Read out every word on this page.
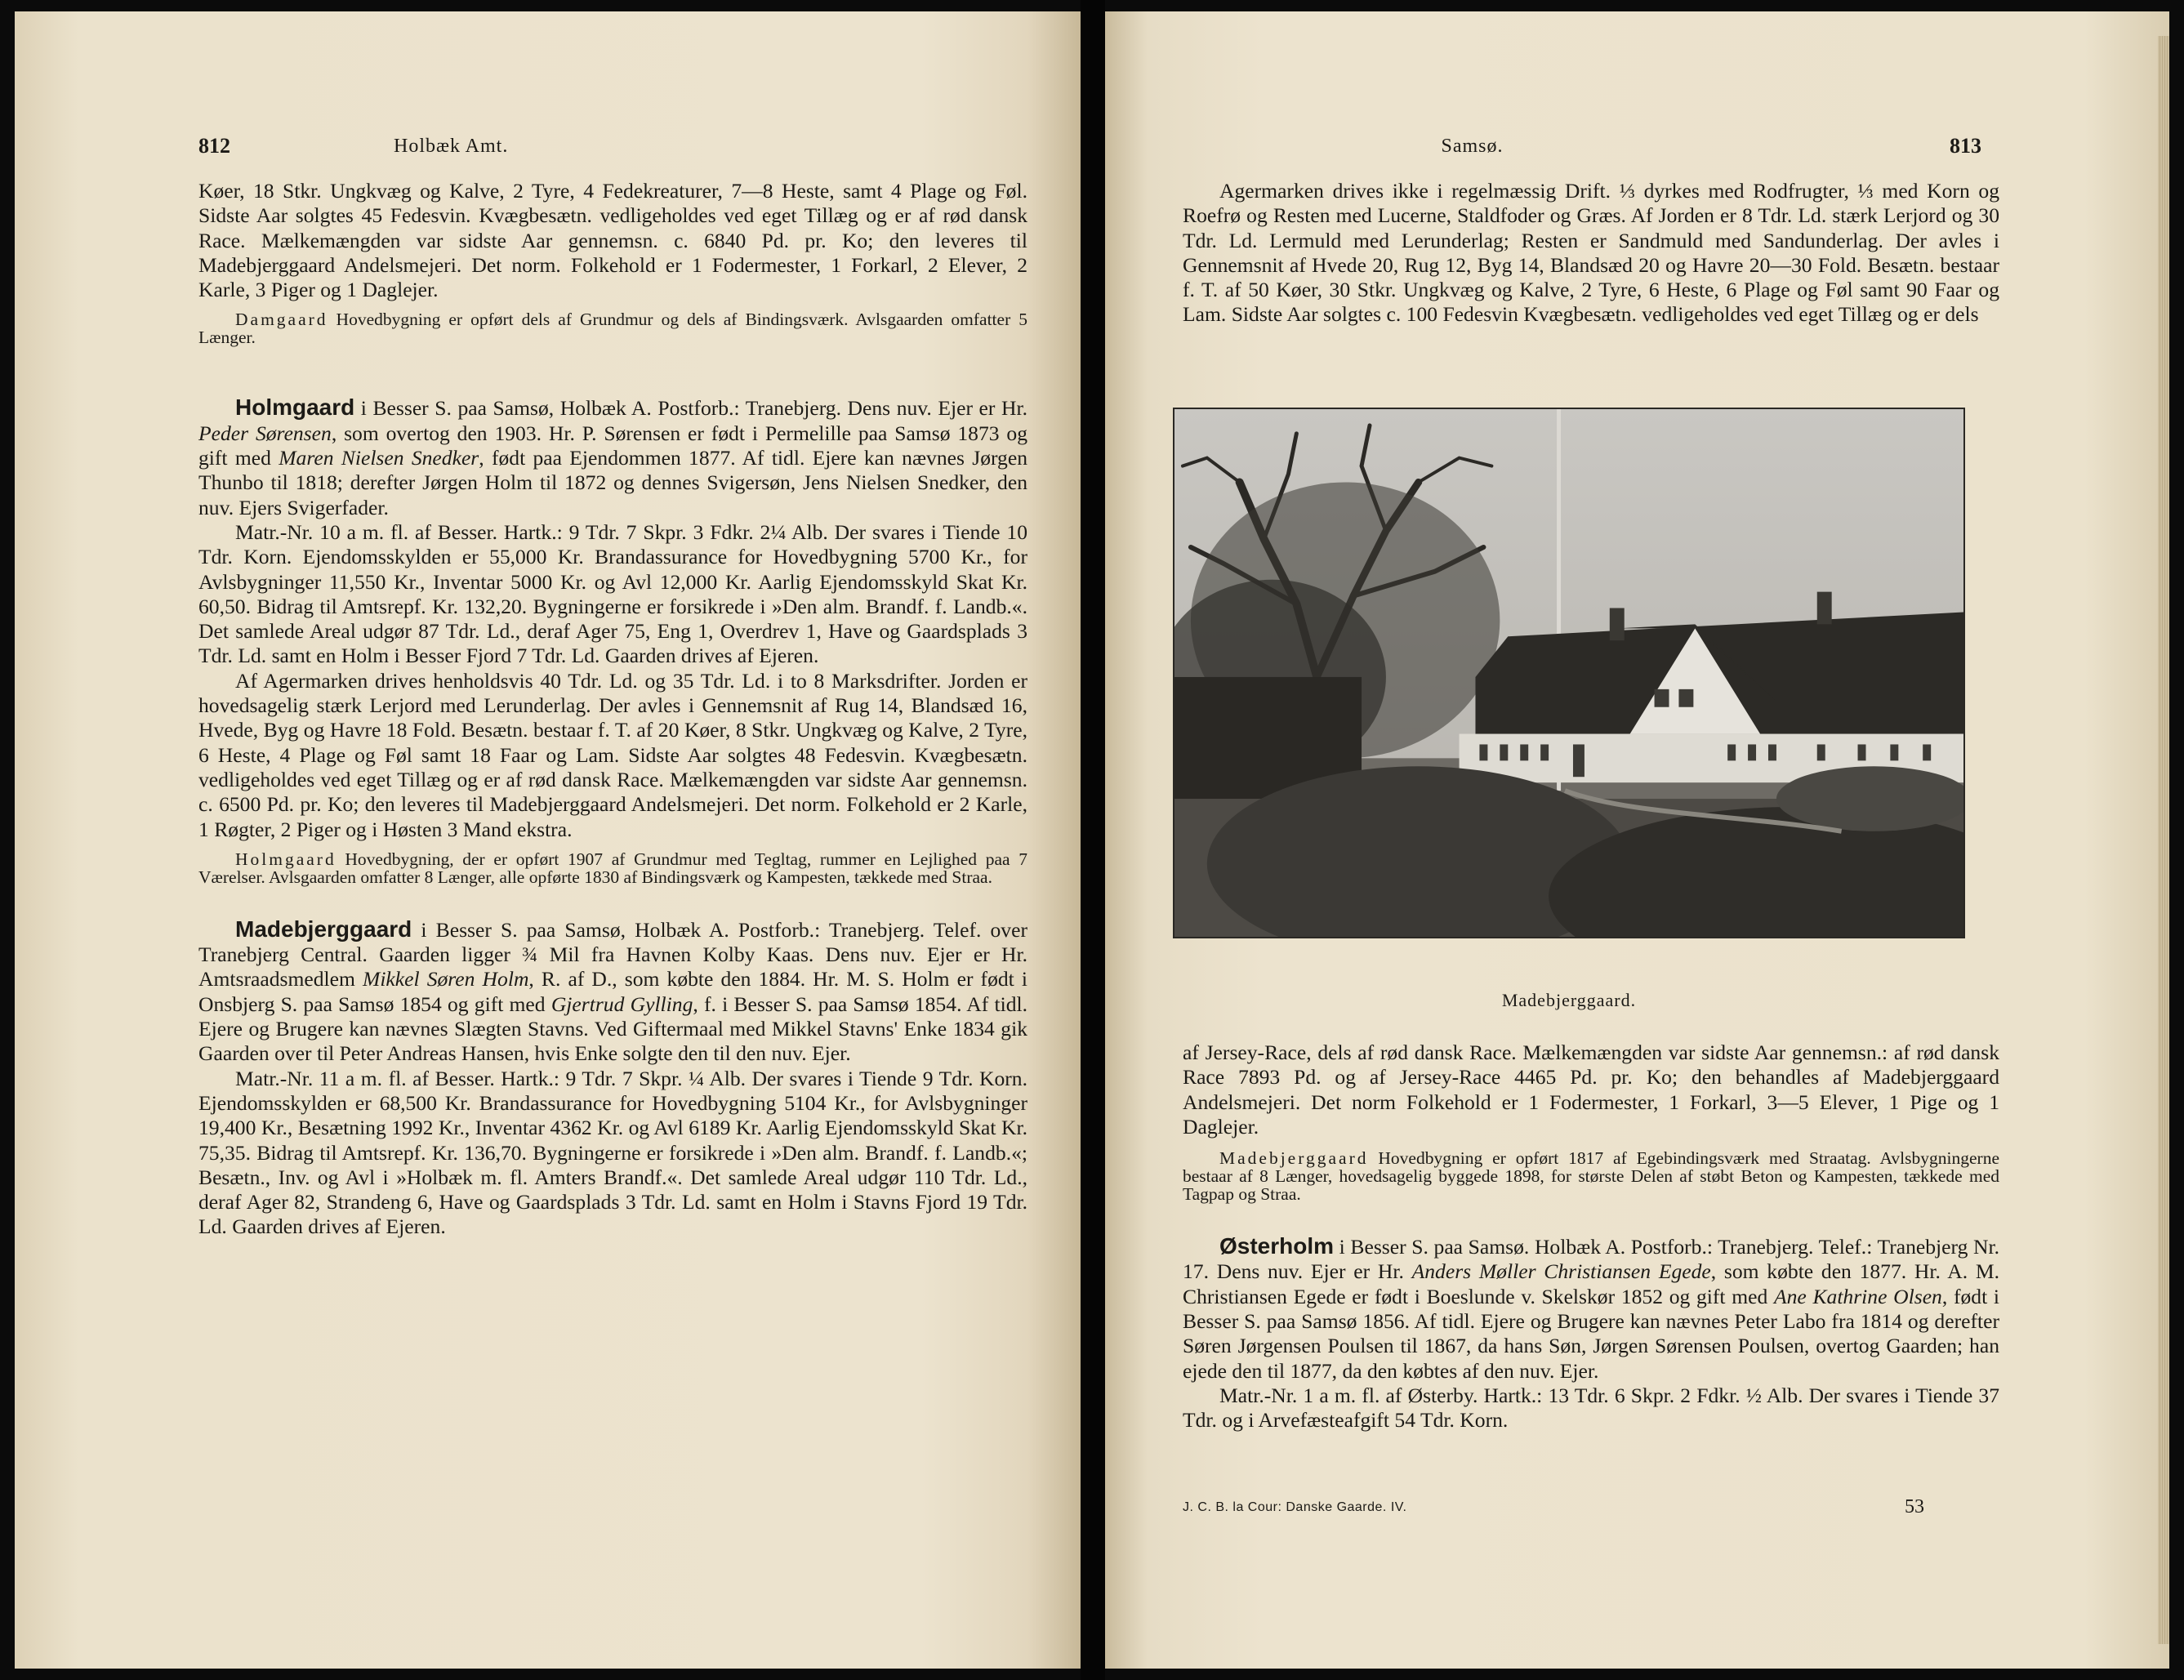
812	Holbæk Amt.

Køer, 18 Stkr. Ungkvæg og Kalve, 2 Tyre, 4 Fedekreaturer, 7—8 Heste, samt 4 Plage og Føl. Sidste Aar solgtes 45 Fedesvin. Kvægbesætn. vedligeholdes ved eget Tillæg og er af rød dansk Race. Mælkemængden var sidste Aar gennemsn. c. 6840 Pd. pr. Ko; den leveres til Madebjerggaard Andelsmejeri. Det norm. Folkehold er 1 Fodermester, 1 Forkarl, 2 Elever, 2 Karle, 3 Piger og 1 Daglejer.

Damgaard Hovedbygning er opført dels af Grundmur og dels af Bindingsværk. Avlsgaarden omfatter 5 Længer.

Holmgaard i Besser S. paa Samsø, Holbæk A. Postforb.: Tranebjerg. Dens nuv. Ejer er Hr. Peder Sørensen, som overtog den 1903. Hr. P. Sørensen er født i Permelille paa Samsø 1873 og gift med Maren Nielsen Snedker, født paa Ejendommen 1877. Af tidl. Ejere kan nævnes Jørgen Thunbo til 1818; derefter Jørgen Holm til 1872 og dennes Svigersøn, Jens Nielsen Snedker, den nuv. Ejers Svigerfader.

Matr.-Nr. 10 a m. fl. af Besser. Hartk.: 9 Tdr. 7 Skpr. 3 Fdkr. 2¼ Alb. Der svares i Tiende 10 Tdr. Korn. Ejendomsskylden er 55,000 Kr. Brandassurance for Hovedbygning 5700 Kr., for Avlsbygninger 11,550 Kr., Inventar 5000 Kr. og Avl 12,000 Kr. Aarlig Ejendomsskyld Skat Kr. 60,50. Bidrag til Amtsrepf. Kr. 132,20. Bygningerne er forsikrede i »Den alm. Brandf. f. Landb.«. Det samlede Areal udgør 87 Tdr. Ld., deraf Ager 75, Eng 1, Overdrev 1, Have og Gaardsplads 3 Tdr. Ld. samt en Holm i Besser Fjord 7 Tdr. Ld. Gaarden drives af Ejeren.

Af Agermarken drives henholdsvis 40 Tdr. Ld. og 35 Tdr. Ld. i to 8 Marksdrifter. Jorden er hovedsagelig stærk Lerjord med Lerunderlag. Der avles i Gennemsnit af Rug 14, Blandsæd 16, Hvede, Byg og Havre 18 Fold. Besætn. bestaar f. T. af 20 Køer, 8 Stkr. Ungkvæg og Kalve, 2 Tyre, 6 Heste, 4 Plage og Føl samt 18 Faar og Lam. Sidste Aar solgtes 48 Fedesvin. Kvægbesætn. vedligeholdes ved eget Tillæg og er af rød dansk Race. Mælkemængden var sidste Aar gennemsn. c. 6500 Pd. pr. Ko; den leveres til Madebjerggaard Andelsmejeri. Det norm. Folkehold er 2 Karle, 1 Røgter, 2 Piger og i Høsten 3 Mand ekstra.

Holmgaard Hovedbygning, der er opført 1907 af Grundmur med Tegltag, rummer en Lejlighed paa 7 Værelser. Avlsgaarden omfatter 8 Længer, alle opførte 1830 af Bindingsværk og Kampesten, tækkede med Straa.

Madebjerggaard i Besser S. paa Samsø, Holbæk A. Postforb.: Tranebjerg. Telef. over Tranebjerg Central. Gaarden ligger ¾ Mil fra Havnen Kolby Kaas. Dens nuv. Ejer er Hr. Amtsraadsmedlem Mikkel Søren Holm, R. af D., som købte den 1884. Hr. M. S. Holm er født i Onsbjerg S. paa Samsø 1854 og gift med Gjertrud Gylling, f. i Besser S. paa Samsø 1854. Af tidl. Ejere og Brugere kan nævnes Slægten Stavns. Ved Giftermaal med Mikkel Stavns' Enke 1834 gik Gaarden over til Peter Andreas Hansen, hvis Enke solgte den til den nuv. Ejer.

Matr.-Nr. 11 a m. fl. af Besser. Hartk.: 9 Tdr. 7 Skpr. ¼ Alb. Der svares i Tiende 9 Tdr. Korn. Ejendomsskylden er 68,500 Kr. Brandassurance for Hovedbygning 5104 Kr., for Avlsbygninger 19,400 Kr., Besætning 1992 Kr., Inventar 4362 Kr. og Avl 6189 Kr. Aarlig Ejendomsskyld Skat Kr. 75,35. Bidrag til Amtsrepf. Kr. 136,70. Bygningerne er forsikrede i »Den alm. Brandf. f. Landb.«; Besætn., Inv. og Avl i »Holbæk m. fl. Amters Brandf.«. Det samlede Areal udgør 110 Tdr. Ld., deraf Ager 82, Strandeng 6, Have og Gaardsplads 3 Tdr. Ld. samt en Holm i Stavns Fjord 19 Tdr. Ld. Gaarden drives af Ejeren.

Samsø.	813

Agermarken drives ikke i regelmæssig Drift. ⅓ dyrkes med Rodfrugter, ⅓ med Korn og Roefrø og Resten med Lucerne, Staldfoder og Græs. Af Jorden er 8 Tdr. Ld. stærk Lerjord og 30 Tdr. Ld. Lermuld med Lerunderlag; Resten er Sandmuld med Sandunderlag. Der avles i Gennemsnit af Hvede 20, Rug 12, Byg 14, Blandsæd 20 og Havre 20—30 Fold. Besætn. bestaar f. T. af 50 Køer, 30 Stkr. Ungkvæg og Kalve, 2 Tyre, 6 Heste, 6 Plage og Føl samt 90 Faar og Lam. Sidste Aar solgtes c. 100 Fedesvin Kvægbesætn. vedligeholdes ved eget Tillæg og er dels

Madebjerggaard.

af Jersey-Race, dels af rød dansk Race. Mælkemængden var sidste Aar gennemsn.: af rød dansk Race 7893 Pd. og af Jersey-Race 4465 Pd. pr. Ko; den behandles af Madebjerggaard Andelsmejeri. Det norm Folkehold er 1 Fodermester, 1 Forkarl, 3—5 Elever, 1 Pige og 1 Daglejer.

Madebjerggaard Hovedbygning er opført 1817 af Egebindingsværk med Straatag. Avlsbygningerne bestaar af 8 Længer, hovedsagelig byggede 1898, for største Delen af støbt Beton og Kampesten, tækkede med Tagpap og Straa.

Østerholm i Besser S. paa Samsø. Holbæk A. Postforb.: Tranebjerg. Telef.: Tranebjerg Nr. 17. Dens nuv. Ejer er Hr. Anders Møller Christiansen Egede, som købte den 1877. Hr. A. M. Christiansen Egede er født i Boeslunde v. Skelskør 1852 og gift med Ane Kathrine Olsen, født i Besser S. paa Samsø 1856. Af tidl. Ejere og Brugere kan nævnes Peter Labo fra 1814 og derefter Søren Jørgensen Poulsen til 1867, da hans Søn, Jørgen Sørensen Poulsen, overtog Gaarden; han ejede den til 1877, da den købtes af den nuv. Ejer.

Matr.-Nr. 1 a m. fl. af Østerby. Hartk.: 13 Tdr. 6 Skpr. 2 Fdkr. ½ Alb. Der svares i Tiende 37 Tdr. og i Arvefæsteafgift 54 Tdr. Korn.

J. C. B. la Cour: Danske Gaarde. IV.	53
